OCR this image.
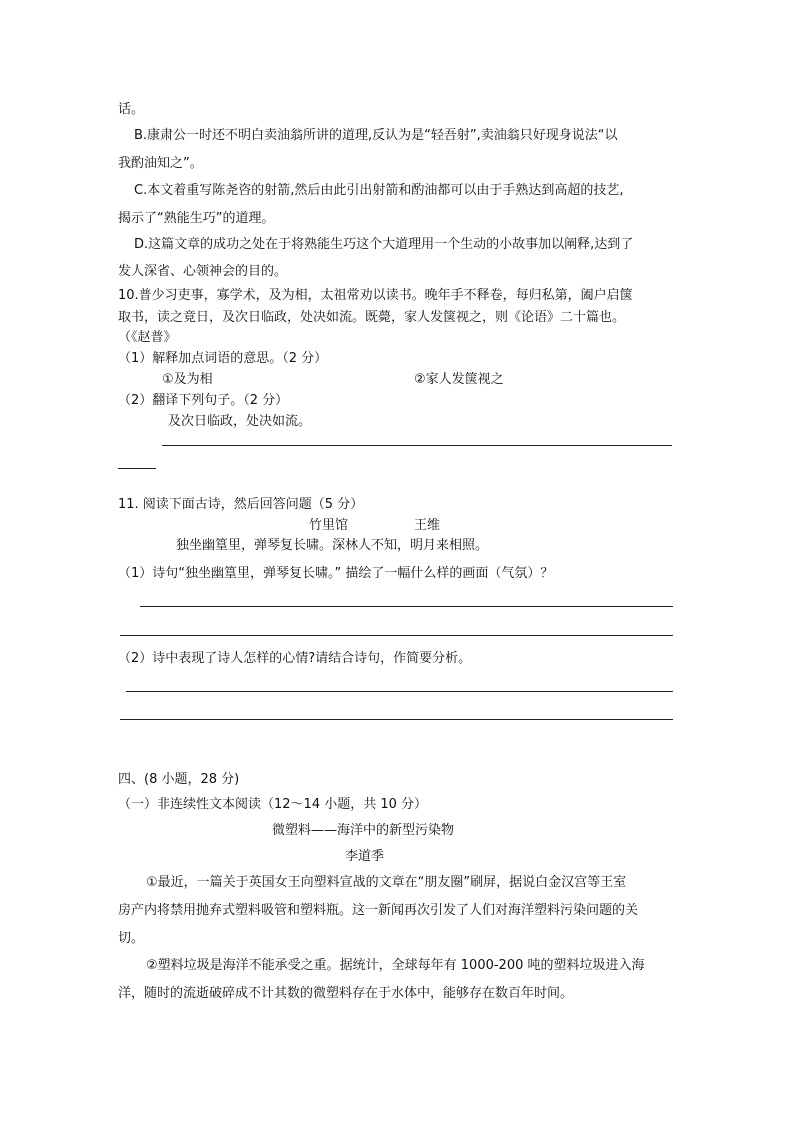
话。
B.康肃公一时还不明白卖油翁所讲的道理,反认为是“轻吾射”,卖油翁只好现身说法“以
我酌油知之”。
C.本文着重写陈尧咨的射箭,然后由此引出射箭和酌油都可以由于手熟达到高超的技艺,
揭示了“熟能生巧”的道理。
D.这篇文章的成功之处在于将熟能生巧这个大道理用一个生动的小故事加以阐释,达到了
发人深省、心领神会的目的。
10.普少习吏事，寡学术，及为相，太祖常劝以读书。晚年手不释卷，每归私第，阖户启箧
取书，读之竟日，及次日临政，处决如流。既薨，家人发箧视之，则《论语》二十篇也。
（《赵普》
（1）解释加点词语的意思。（2 分）
①及为相	②家人发箧视之
（2）翻译下列句子。（2 分）
及次日临政，处决如流。
11. 阅读下面古诗，然后回答问题（5 分）
竹里馆	王维
独坐幽篁里，弹琴复长啸。深林人不知，明月来相照。
（1）诗句“独坐幽篁里，弹琴复长啸。” 描绘了一幅什么样的画面（气氛）？
（2）诗中表现了诗人怎样的心情?请结合诗句，作简要分析。
四、(8 小题，28 分)
（一）非连续性文本阅读（12～14 小题，共 10 分）
微塑料——海洋中的新型污染物
李道季
①最近，一篇关于英国女王向塑料宣战的文章在“朋友圈”刷屏，据说白金汉宫等王室
房产内将禁用抛弃式塑料吸管和塑料瓶。这一新闻再次引发了人们对海洋塑料污染问题的关
切。
②塑料垃圾是海洋不能承受之重。据统计，全球每年有 1000-200 吨的塑料垃圾进入海
洋，随时的流逝破碎成不计其数的微塑料存在于水体中，能够存在数百年时间。
